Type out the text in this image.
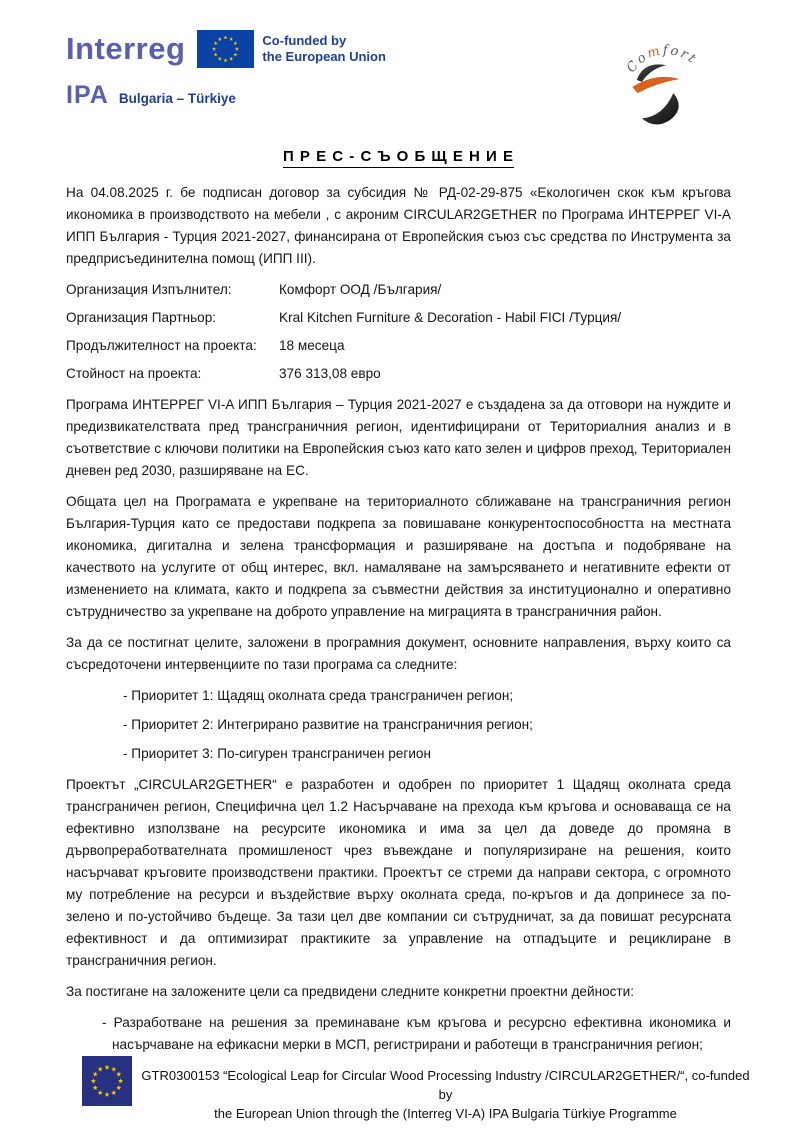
Interreg	Co-funded by
the European Union
IPA Bulgaria – Türkiye
Comfort
П Р Е С - С Ъ О Б Щ Е Н И Е

На 04.08.2025 г. бе подписан договор за субсидия № РД-02-29-875 «Екологичен скок към кръгова икономика в производството на мебели , с акроним CIRCULAR2GETHER по Програма ИНТЕРРЕГ VI-A ИПП България - Турция 2021-2027, финансирана от Европейския съюз със средства по Инструмента за предприсъединителна помощ (ИПП III).

Организация Изпълнител:	Комфорт ООД /България/
Организация Партньор:	Kral Kitchen Furniture & Decoration - Habil FICI /Турция/
Продължителност на проекта:	18 месеца
Стойност на проекта:	376 313,08 евро

Програма ИНТЕРРЕГ VI-A ИПП България – Турция 2021-2027 е създадена за да отговори на нуждите и предизвикателствата пред трансграничния регион, идентифицирани от Териториалния анализ и в съответствие с ключови политики на Европейския съюз като като зелен и цифров преход, Териториален дневен ред 2030, разширяване на ЕС.

Общата цел на Програмата е укрепване на териториалното сближаване на трансграничния регион България-Турция като се предостави подкрепа за повишаване конкурентоспособността на местната икономика, дигитална и зелена трансформация и разширяване на достъпа и подобряване на качеството на услугите от общ интерес, вкл. намаляване на замърсяването и негативните ефекти от изменението на климата, както и подкрепа за съвместни действия за институционално и оперативно сътрудничество за укрепване на доброто управление на миграцията в трансграничния район.

За да се постигнат целите, заложени в програмния документ, основните направления, върху които са съсредоточени интервенциите по тази програма са следните:

- Приоритет 1: Щадящ околната среда трансграничен регион;
- Приоритет 2: Интегрирано развитие на трансграничния регион;
- Приоритет 3: По-сигурен трансграничен регион

Проектът „CIRCULAR2GETHER“ е разработен и одобрен по приоритет 1 Щадящ околната среда трансграничен регион, Специфична цел 1.2 Насърчаване на прехода към кръгова и основаваща се на ефективно използване на ресурсите икономика и има за цел да доведе до промяна в дървопреработвателната промишленост чрез въвеждане и популяризиране на решения, които насърчават кръговите производствени практики. Проектът се стреми да направи сектора, с огромното му потребление на ресурси и въздействие върху околната среда, по-кръгов и да допринесе за по-зелено и по-устойчиво бъдеще. За тази цел две компании си сътрудничат, за да повишат ресурсната ефективност и да оптимизират практиките за управление на отпадъците и рециклиране в трансграничния регион.

За постигане на заложените цели са предвидени следните конкретни проектни дейности:

- Разработване на решения за преминаване към кръгова и ресурсно ефективна икономика и насърчаване на ефикасни мерки в МСП, регистрирани и работещи в трансграничния регион;
GTR0300153 “Ecological Leap for Circular Wood Processing Industry /CIRCULAR2GETHER/“, co-funded by
the European Union through the (Interreg VI-A) IPA Bulgaria Türkiye Programme
